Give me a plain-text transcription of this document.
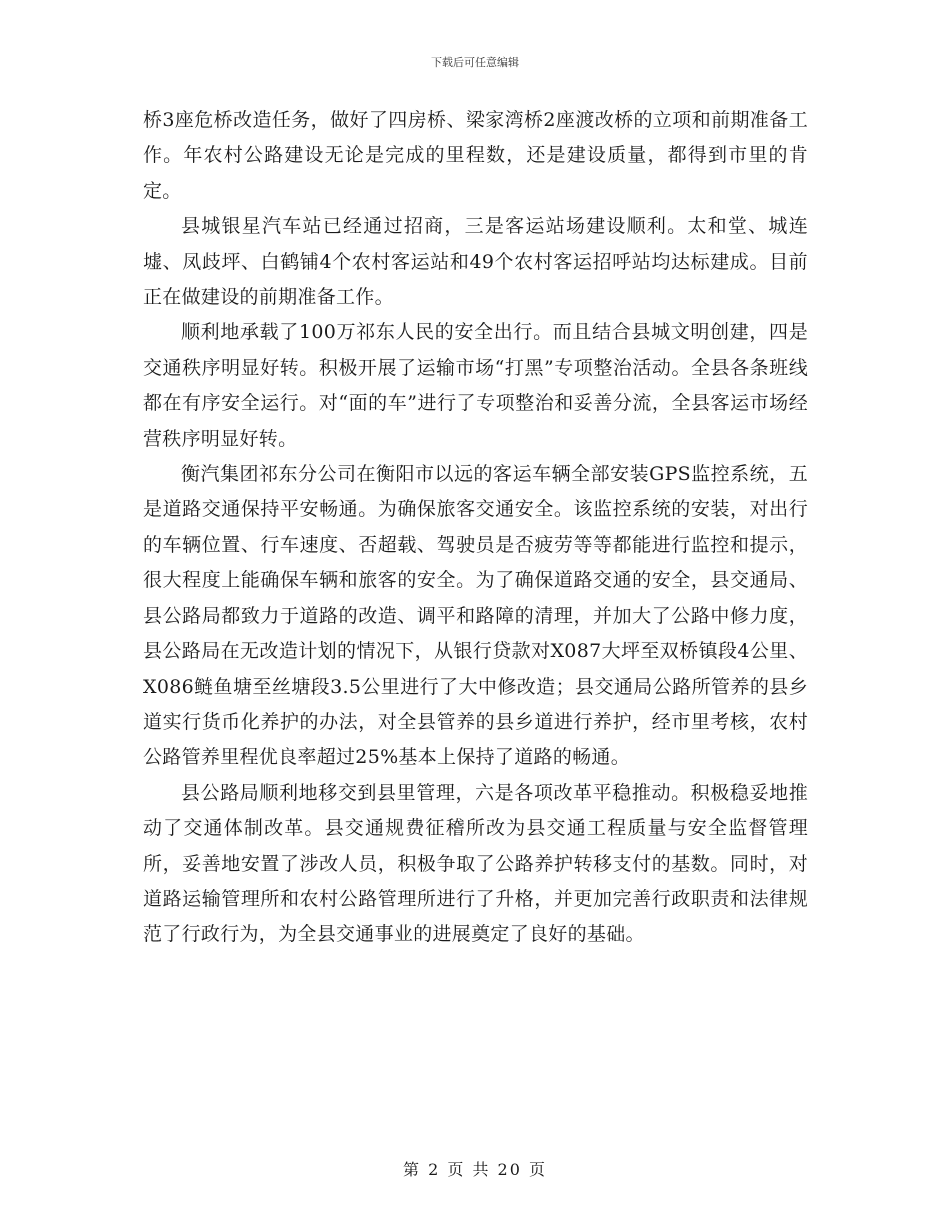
下载后可任意编辑

桥3座危桥改造任务，做好了四房桥、梁家湾桥2座渡改桥的立项和前期准备工作。年农村公路建设无论是完成的里程数，还是建设质量，都得到市里的肯定。

县城银星汽车站已经通过招商，三是客运站场建设顺利。太和堂、城连墟、凤歧坪、白鹤铺4个农村客运站和49个农村客运招呼站均达标建成。目前正在做建设的前期准备工作。

顺利地承载了100万祁东人民的安全出行。而且结合县城文明创建，四是交通秩序明显好转。积极开展了运输市场“打黑”专项整治活动。全县各条班线都在有序安全运行。对“面的车”进行了专项整治和妥善分流，全县客运市场经营秩序明显好转。

衡汽集团祁东分公司在衡阳市以远的客运车辆全部安装GPS监控系统，五是道路交通保持平安畅通。为确保旅客交通安全。该监控系统的安装，对出行的车辆位置、行车速度、否超载、驾驶员是否疲劳等等都能进行监控和提示，很大程度上能确保车辆和旅客的安全。为了确保道路交通的安全，县交通局、县公路局都致力于道路的改造、调平和路障的清理，并加大了公路中修力度，县公路局在无改造计划的情况下，从银行贷款对X087大坪至双桥镇段4公里、X086鲢鱼塘至丝塘段3.5公里进行了大中修改造；县交通局公路所管养的县乡道实行货币化养护的办法，对全县管养的县乡道进行养护，经市里考核，农村公路管养里程优良率超过25%基本上保持了道路的畅通。

县公路局顺利地移交到县里管理，六是各项改革平稳推动。积极稳妥地推动了交通体制改革。县交通规费征稽所改为县交通工程质量与安全监督管理所，妥善地安置了涉改人员，积极争取了公路养护转移支付的基数。同时，对道路运输管理所和农村公路管理所进行了升格，并更加完善行政职责和法律规范了行政行为，为全县交通事业的进展奠定了良好的基础。

第 2 页 共 20 页
